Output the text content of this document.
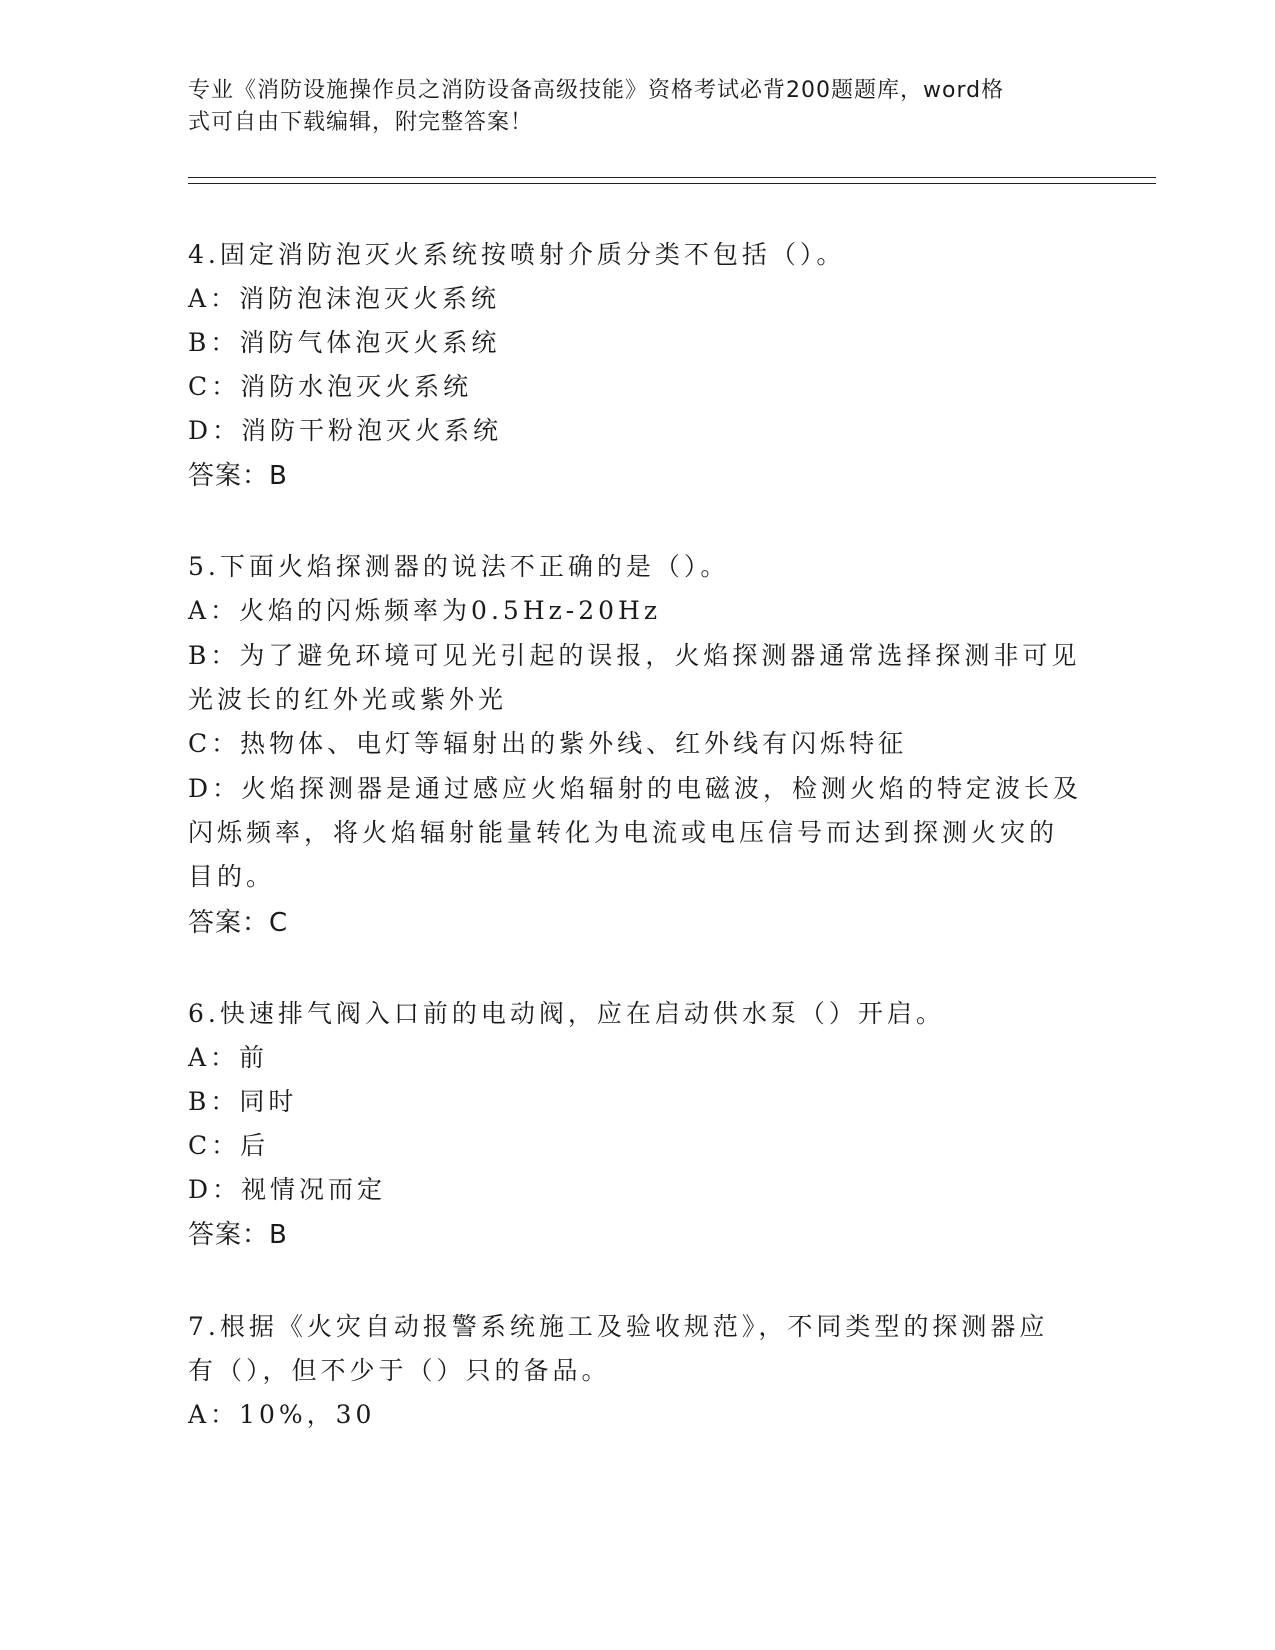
专业《消防设施操作员之消防设备高级技能》资格考试必背200题题库，word格
式可自由下载编辑，附完整答案！
4.固定消防泡灭火系统按喷射介质分类不包括（）。
A：消防泡沫泡灭火系统
B：消防气体泡灭火系统
C：消防水泡灭火系统
D：消防干粉泡灭火系统
答案：B
5.下面火焰探测器的说法不正确的是（）。
A：火焰的闪烁频率为0.5Hz-20Hz
B：为了避免环境可见光引起的误报，火焰探测器通常选择探测非可见
光波长的红外光或紫外光
C：热物体、电灯等辐射出的紫外线、红外线有闪烁特征
D：火焰探测器是通过感应火焰辐射的电磁波，检测火焰的特定波长及
闪烁频率，将火焰辐射能量转化为电流或电压信号而达到探测火灾的
目的。
答案：C
6.快速排气阀入口前的电动阀，应在启动供水泵（）开启。
A：前
B：同时
C：后
D：视情况而定
答案：B
7.根据《火灾自动报警系统施工及验收规范》，不同类型的探测器应
有（），但不少于（）只的备品。
A：10%，30
